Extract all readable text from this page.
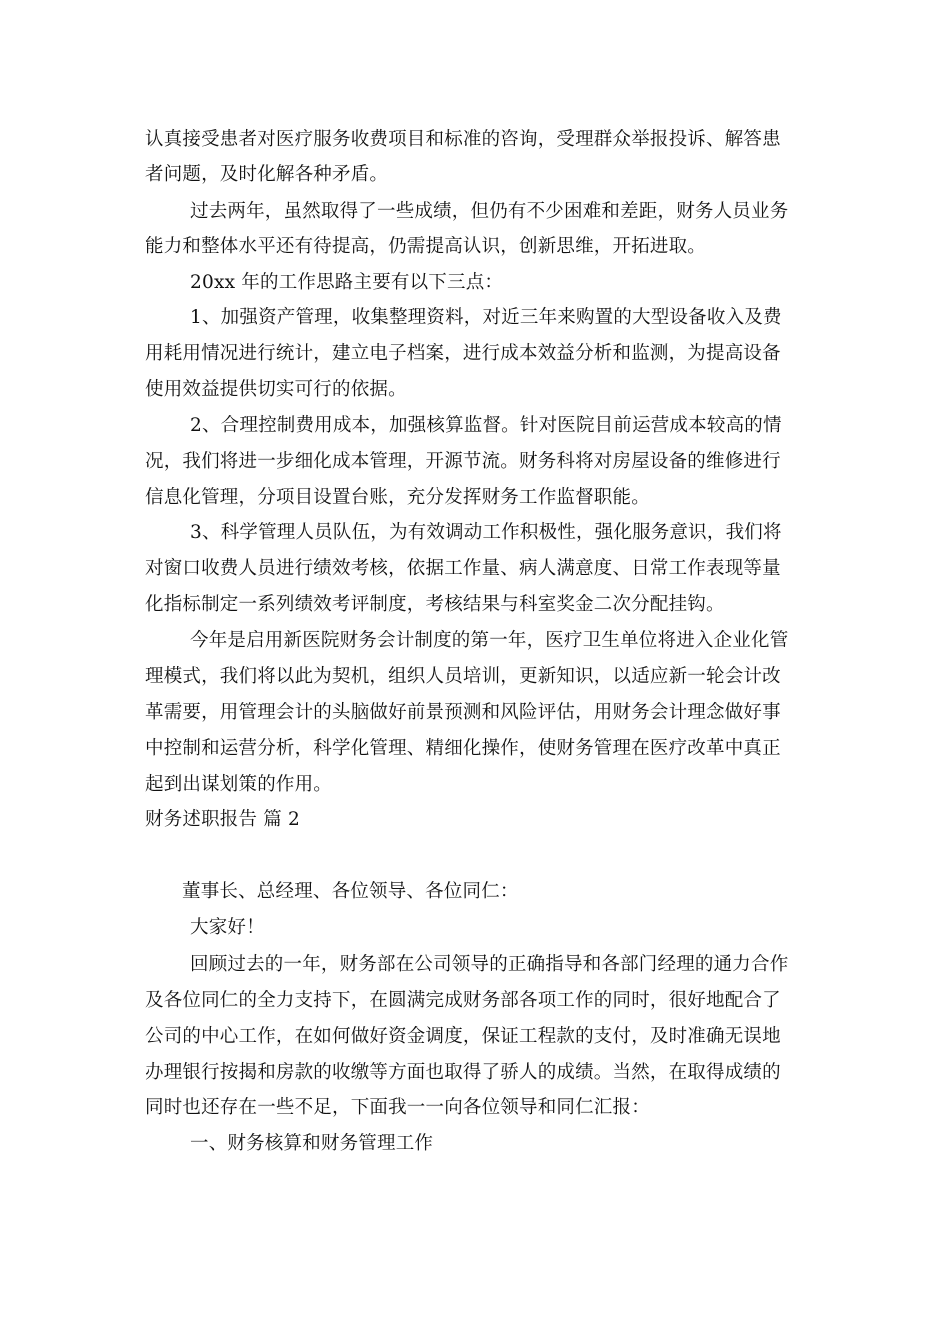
认真接受患者对医疗服务收费项目和标准的咨询，受理群众举报投诉、解答患
者问题，及时化解各种矛盾。
过去两年，虽然取得了一些成绩，但仍有不少困难和差距，财务人员业务
能力和整体水平还有待提高，仍需提高认识，创新思维，开拓进取。
20xx 年的工作思路主要有以下三点：
1、加强资产管理，收集整理资料，对近三年来购置的大型设备收入及费
用耗用情况进行统计，建立电子档案，进行成本效益分析和监测，为提高设备
使用效益提供切实可行的依据。
2、合理控制费用成本，加强核算监督。针对医院目前运营成本较高的情
况，我们将进一步细化成本管理，开源节流。财务科将对房屋设备的维修进行
信息化管理，分项目设置台账，充分发挥财务工作监督职能。
3、科学管理人员队伍，为有效调动工作积极性，强化服务意识，我们将
对窗口收费人员进行绩效考核，依据工作量、病人满意度、日常工作表现等量
化指标制定一系列绩效考评制度，考核结果与科室奖金二次分配挂钩。
今年是启用新医院财务会计制度的第一年，医疗卫生单位将进入企业化管
理模式，我们将以此为契机，组织人员培训，更新知识，以适应新一轮会计改
革需要，用管理会计的头脑做好前景预测和风险评估，用财务会计理念做好事
中控制和运营分析，科学化管理、精细化操作，使财务管理在医疗改革中真正
起到出谋划策的作用。
财务述职报告 篇 2
董事长、总经理、各位领导、各位同仁：
大家好！
回顾过去的一年，财务部在公司领导的正确指导和各部门经理的通力合作
及各位同仁的全力支持下，在圆满完成财务部各项工作的同时，很好地配合了
公司的中心工作，在如何做好资金调度，保证工程款的支付，及时准确无误地
办理银行按揭和房款的收缴等方面也取得了骄人的成绩。当然，在取得成绩的
同时也还存在一些不足，下面我一一向各位领导和同仁汇报：
一、财务核算和财务管理工作
